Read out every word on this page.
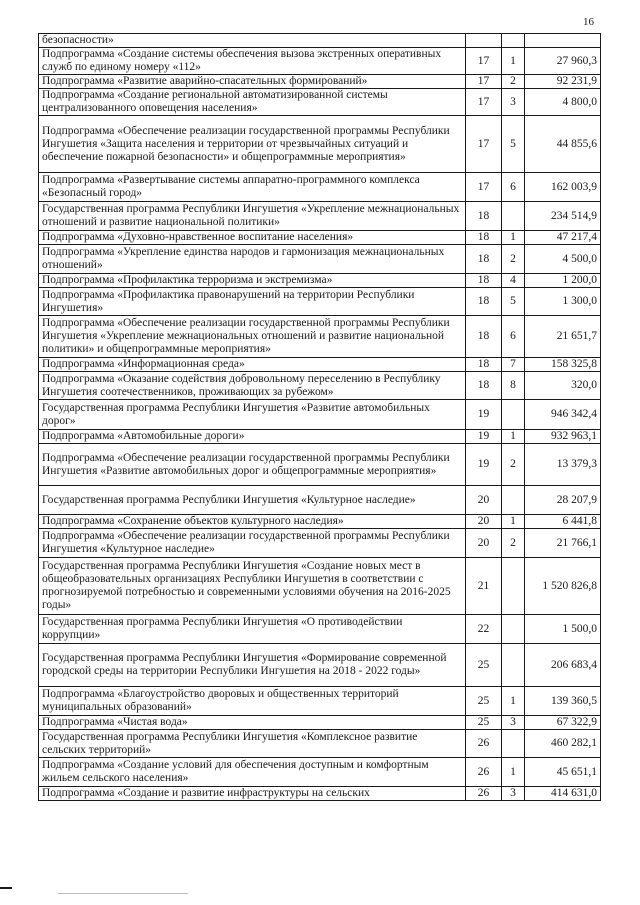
16
безопасности»			
Подпрограмма «Создание системы обеспечения вызова экстренных оперативных служб по единому номеру «112»	17	1	27 960,3
Подпрограмма «Развитие аварийно-спасательных формирований»	17	2	92 231,9
Подпрограмма «Создание региональной автоматизированной системы централизованного оповещения населения»	17	3	4 800,0
Подпрограмма «Обеспечение реализации государственной программы Республики Ингушетия «Защита населения и территории от чрезвычайных ситуаций и обеспечение пожарной безопасности» и общепрограммные мероприятия»	17	5	44 855,6
Подпрограмма «Развертывание системы аппаратно-программного комплекса «Безопасный город»	17	6	162 003,9
Государственная программа Республики Ингушетия «Укрепление межнациональных отношений и развитие национальной политики»	18		234 514,9
Подпрограмма «Духовно-нравственное воспитание населения»	18	1	47 217,4
Подпрограмма «Укрепление единства народов и гармонизация межнациональных отношений»	18	2	4 500,0
Подпрограмма «Профилактика терроризма и экстремизма»	18	4	1 200,0
Подпрограмма «Профилактика правонарушений на территории Республики Ингушетия»	18	5	1 300,0
Подпрограмма «Обеспечение реализации государственной программы Республики Ингушетия «Укрепление межнациональных отношений и развитие национальной политики» и общепрограммные мероприятия»	18	6	21 651,7
Подпрограмма «Информационная среда»	18	7	158 325,8
Подпрограмма «Оказание содействия добровольному переселению в Республику Ингушетия соотечественников, проживающих за рубежом»	18	8	320,0
Государственная программа Республики Ингушетия «Развитие автомобильных дорог»	19		946 342,4
Подпрограмма «Автомобильные дороги»	19	1	932 963,1
Подпрограмма «Обеспечение реализации государственной программы Республики Ингушетия «Развитие автомобильных дорог и общепрограммные мероприятия»	19	2	13 379,3
Государственная программа Республики Ингушетия «Культурное наследие»	20		28 207,9
Подпрограмма «Сохранение объектов культурного наследия»	20	1	6 441,8
Подпрограмма «Обеспечение реализации государственной программы Республики Ингушетия «Культурное наследие»	20	2	21 766,1
Государственная программа Республики Ингушетия «Создание новых мест в общеобразовательных организациях Республики Ингушетия в соответствии с прогнозируемой потребностью и современными условиями обучения на 2016-2025 годы»	21		1 520 826,8
Государственная программа Республики Ингушетия «О противодействии коррупции»	22		1 500,0
Государственная программа Республики Ингушетия «Формирование современной городской среды на территории Республики Ингушетия на 2018 - 2022 годы»	25		206 683,4
Подпрограмма «Благоустройство дворовых и общественных территорий муниципальных образований»	25	1	139 360,5
Подпрограмма «Чистая вода»	25	3	67 322,9
Государственная программа Республики Ингушетия «Комплексное развитие сельских территорий»	26		460 282,1
Подпрограмма «Создание условий для обеспечения доступным и комфортным жильем сельского населения»	26	1	45 651,1
Подпрограмма «Создание и развитие инфраструктуры на сельских	26	3	414 631,0
